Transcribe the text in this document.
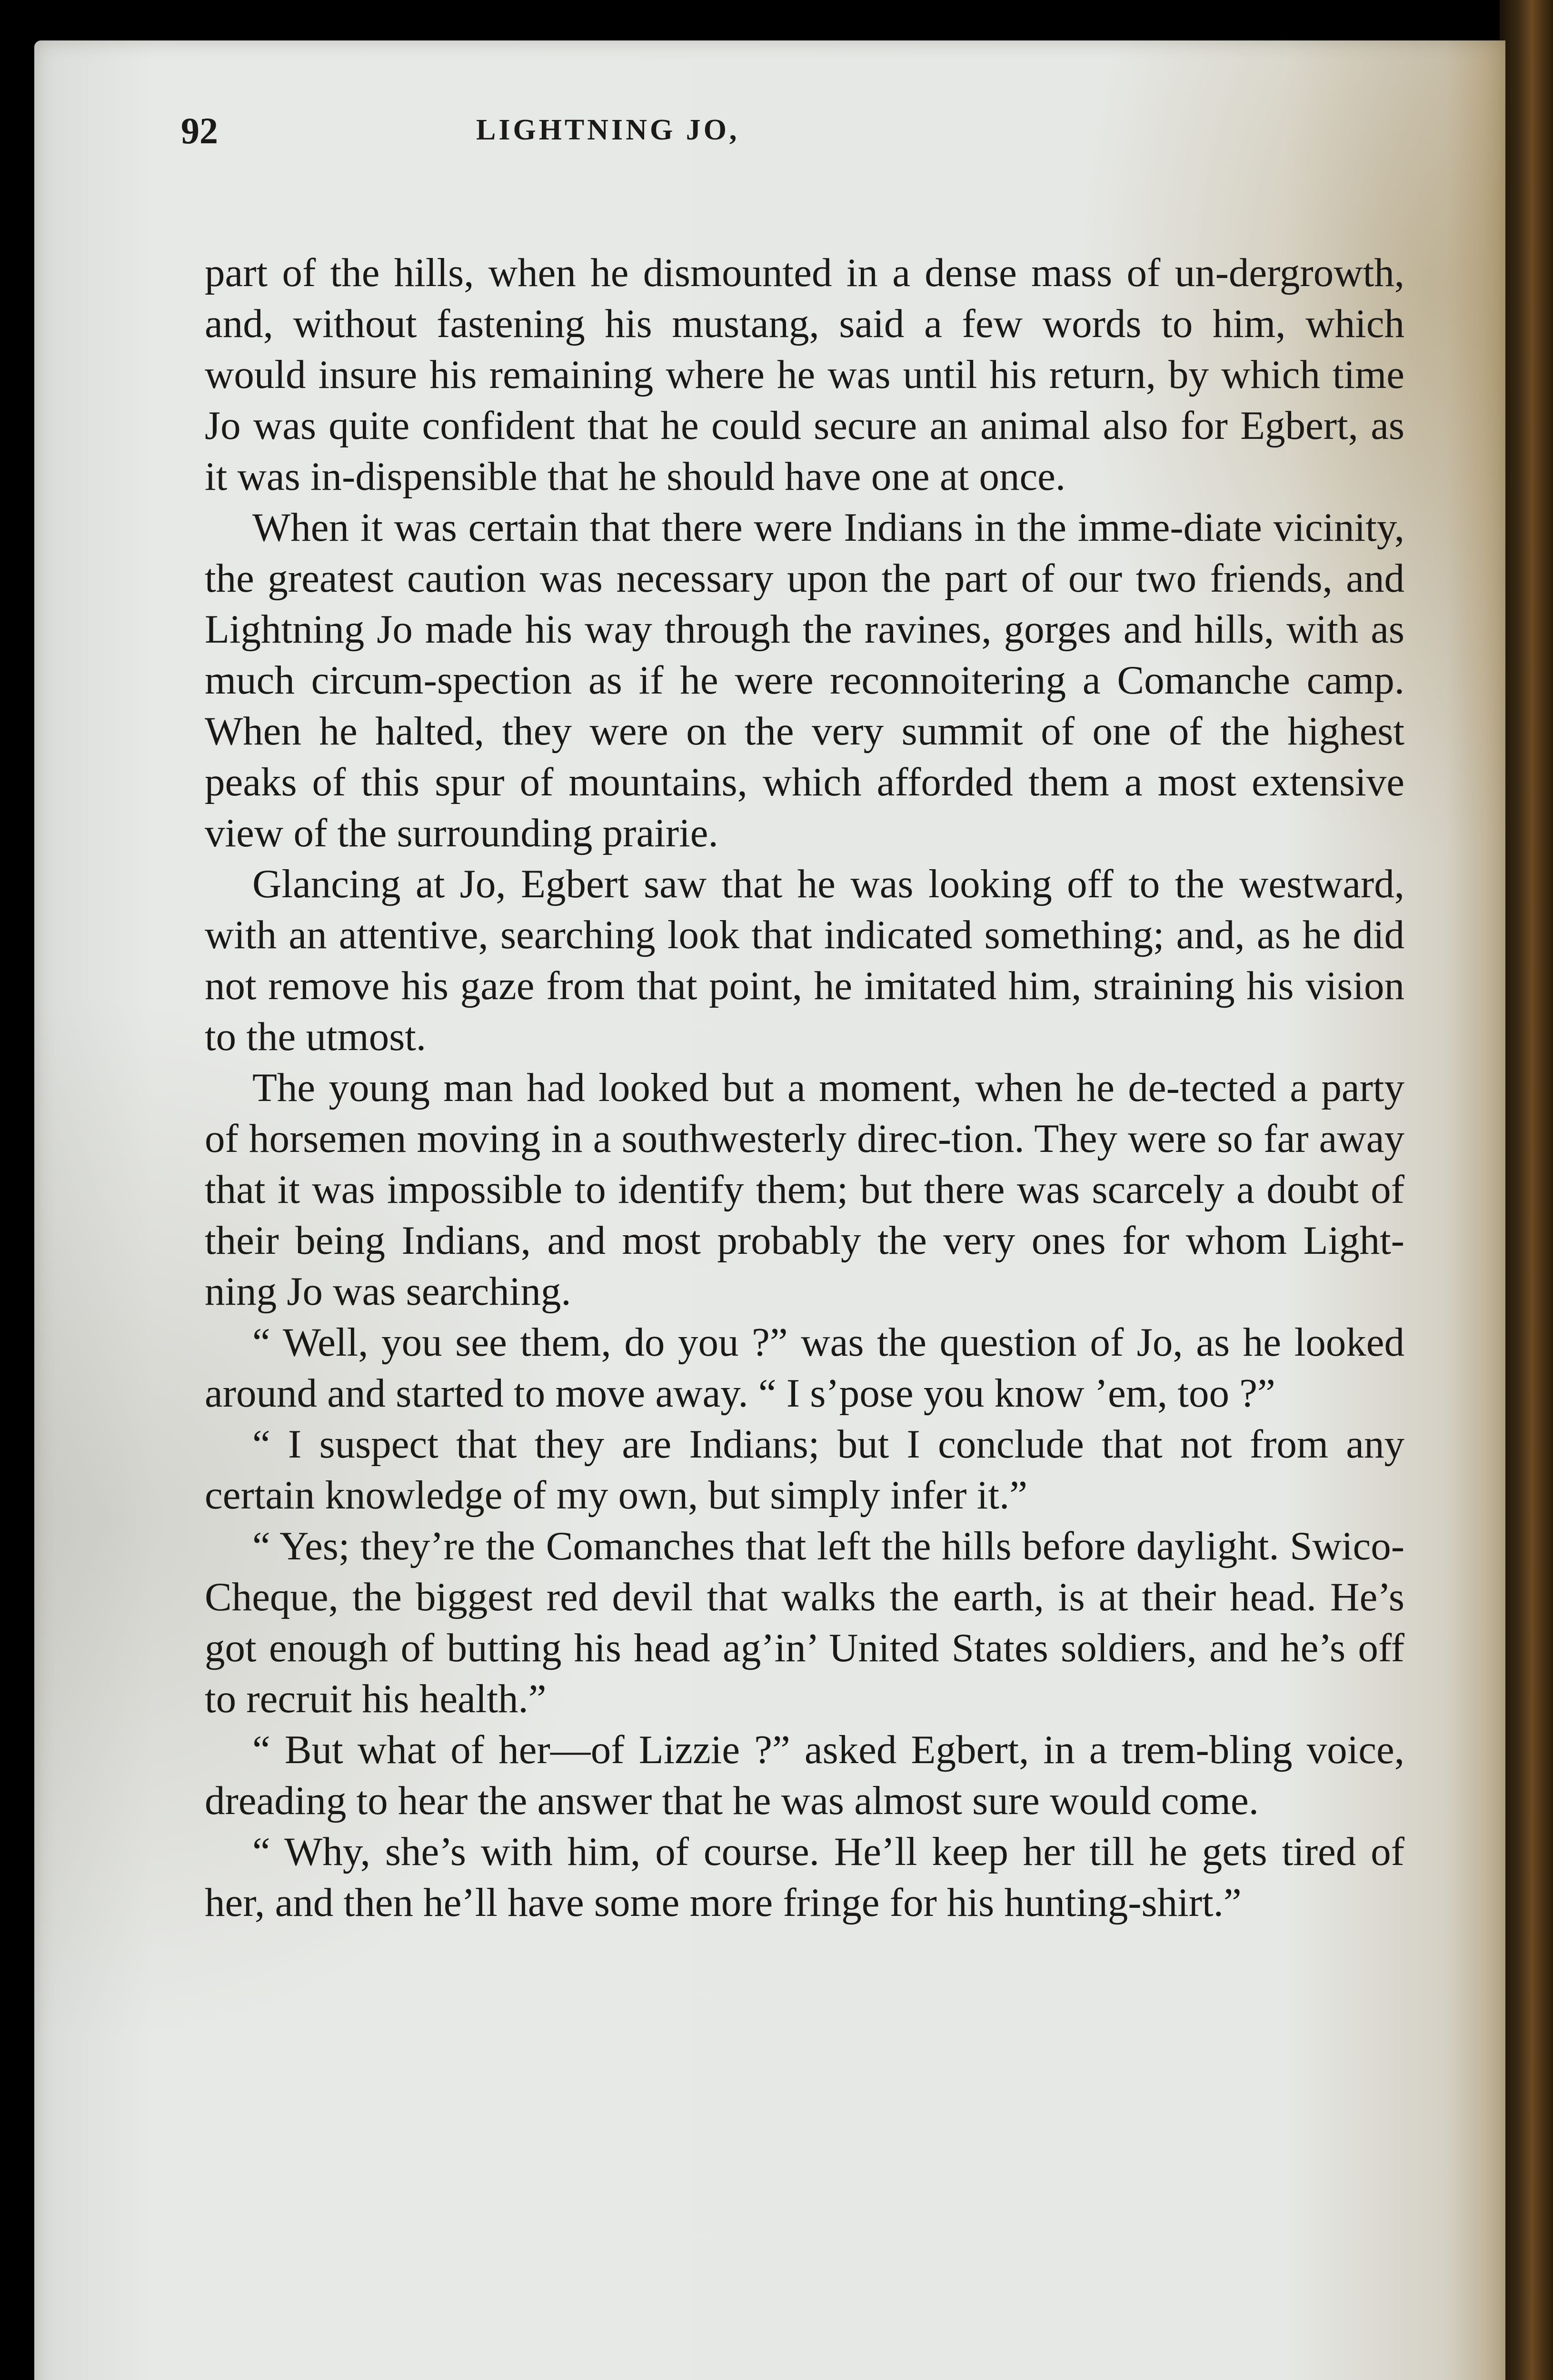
92	LIGHTNING JO,

part of the hills, when he dismounted in a dense mass of un-dergrowth, and, without fastening his mustang, said a few words to him, which would insure his remaining where he was until his return, by which time Jo was quite confident that he could secure an animal also for Egbert, as it was in-dispensible that he should have one at once.

When it was certain that there were Indians in the imme-diate vicinity, the greatest caution was necessary upon the part of our two friends, and Lightning Jo made his way through the ravines, gorges and hills, with as much circum-spection as if he were reconnoitering a Comanche camp. When he halted, they were on the very summit of one of the highest peaks of this spur of mountains, which afforded them a most extensive view of the surrounding prairie.

Glancing at Jo, Egbert saw that he was looking off to the westward, with an attentive, searching look that indicated something; and, as he did not remove his gaze from that point, he imitated him, straining his vision to the utmost.

The young man had looked but a moment, when he de-tected a party of horsemen moving in a southwesterly direc-tion. They were so far away that it was impossible to identify them; but there was scarcely a doubt of their being Indians, and most probably the very ones for whom Light-ning Jo was searching.

“ Well, you see them, do you ?” was the question of Jo, as he looked around and started to move away. “ I s’pose you know ’em, too ?”

“ I suspect that they are Indians; but I conclude that not from any certain knowledge of my own, but simply infer it.”

“ Yes; they’re the Comanches that left the hills before daylight. Swico-Cheque, the biggest red devil that walks the earth, is at their head. He’s got enough of butting his head ag’in’ United States soldiers, and he’s off to recruit his health.”

“ But what of her—of Lizzie ?” asked Egbert, in a trem-bling voice, dreading to hear the answer that he was almost sure would come.

“ Why, she’s with him, of course. He’ll keep her till he gets tired of her, and then he’ll have some more fringe for his hunting-shirt.”
